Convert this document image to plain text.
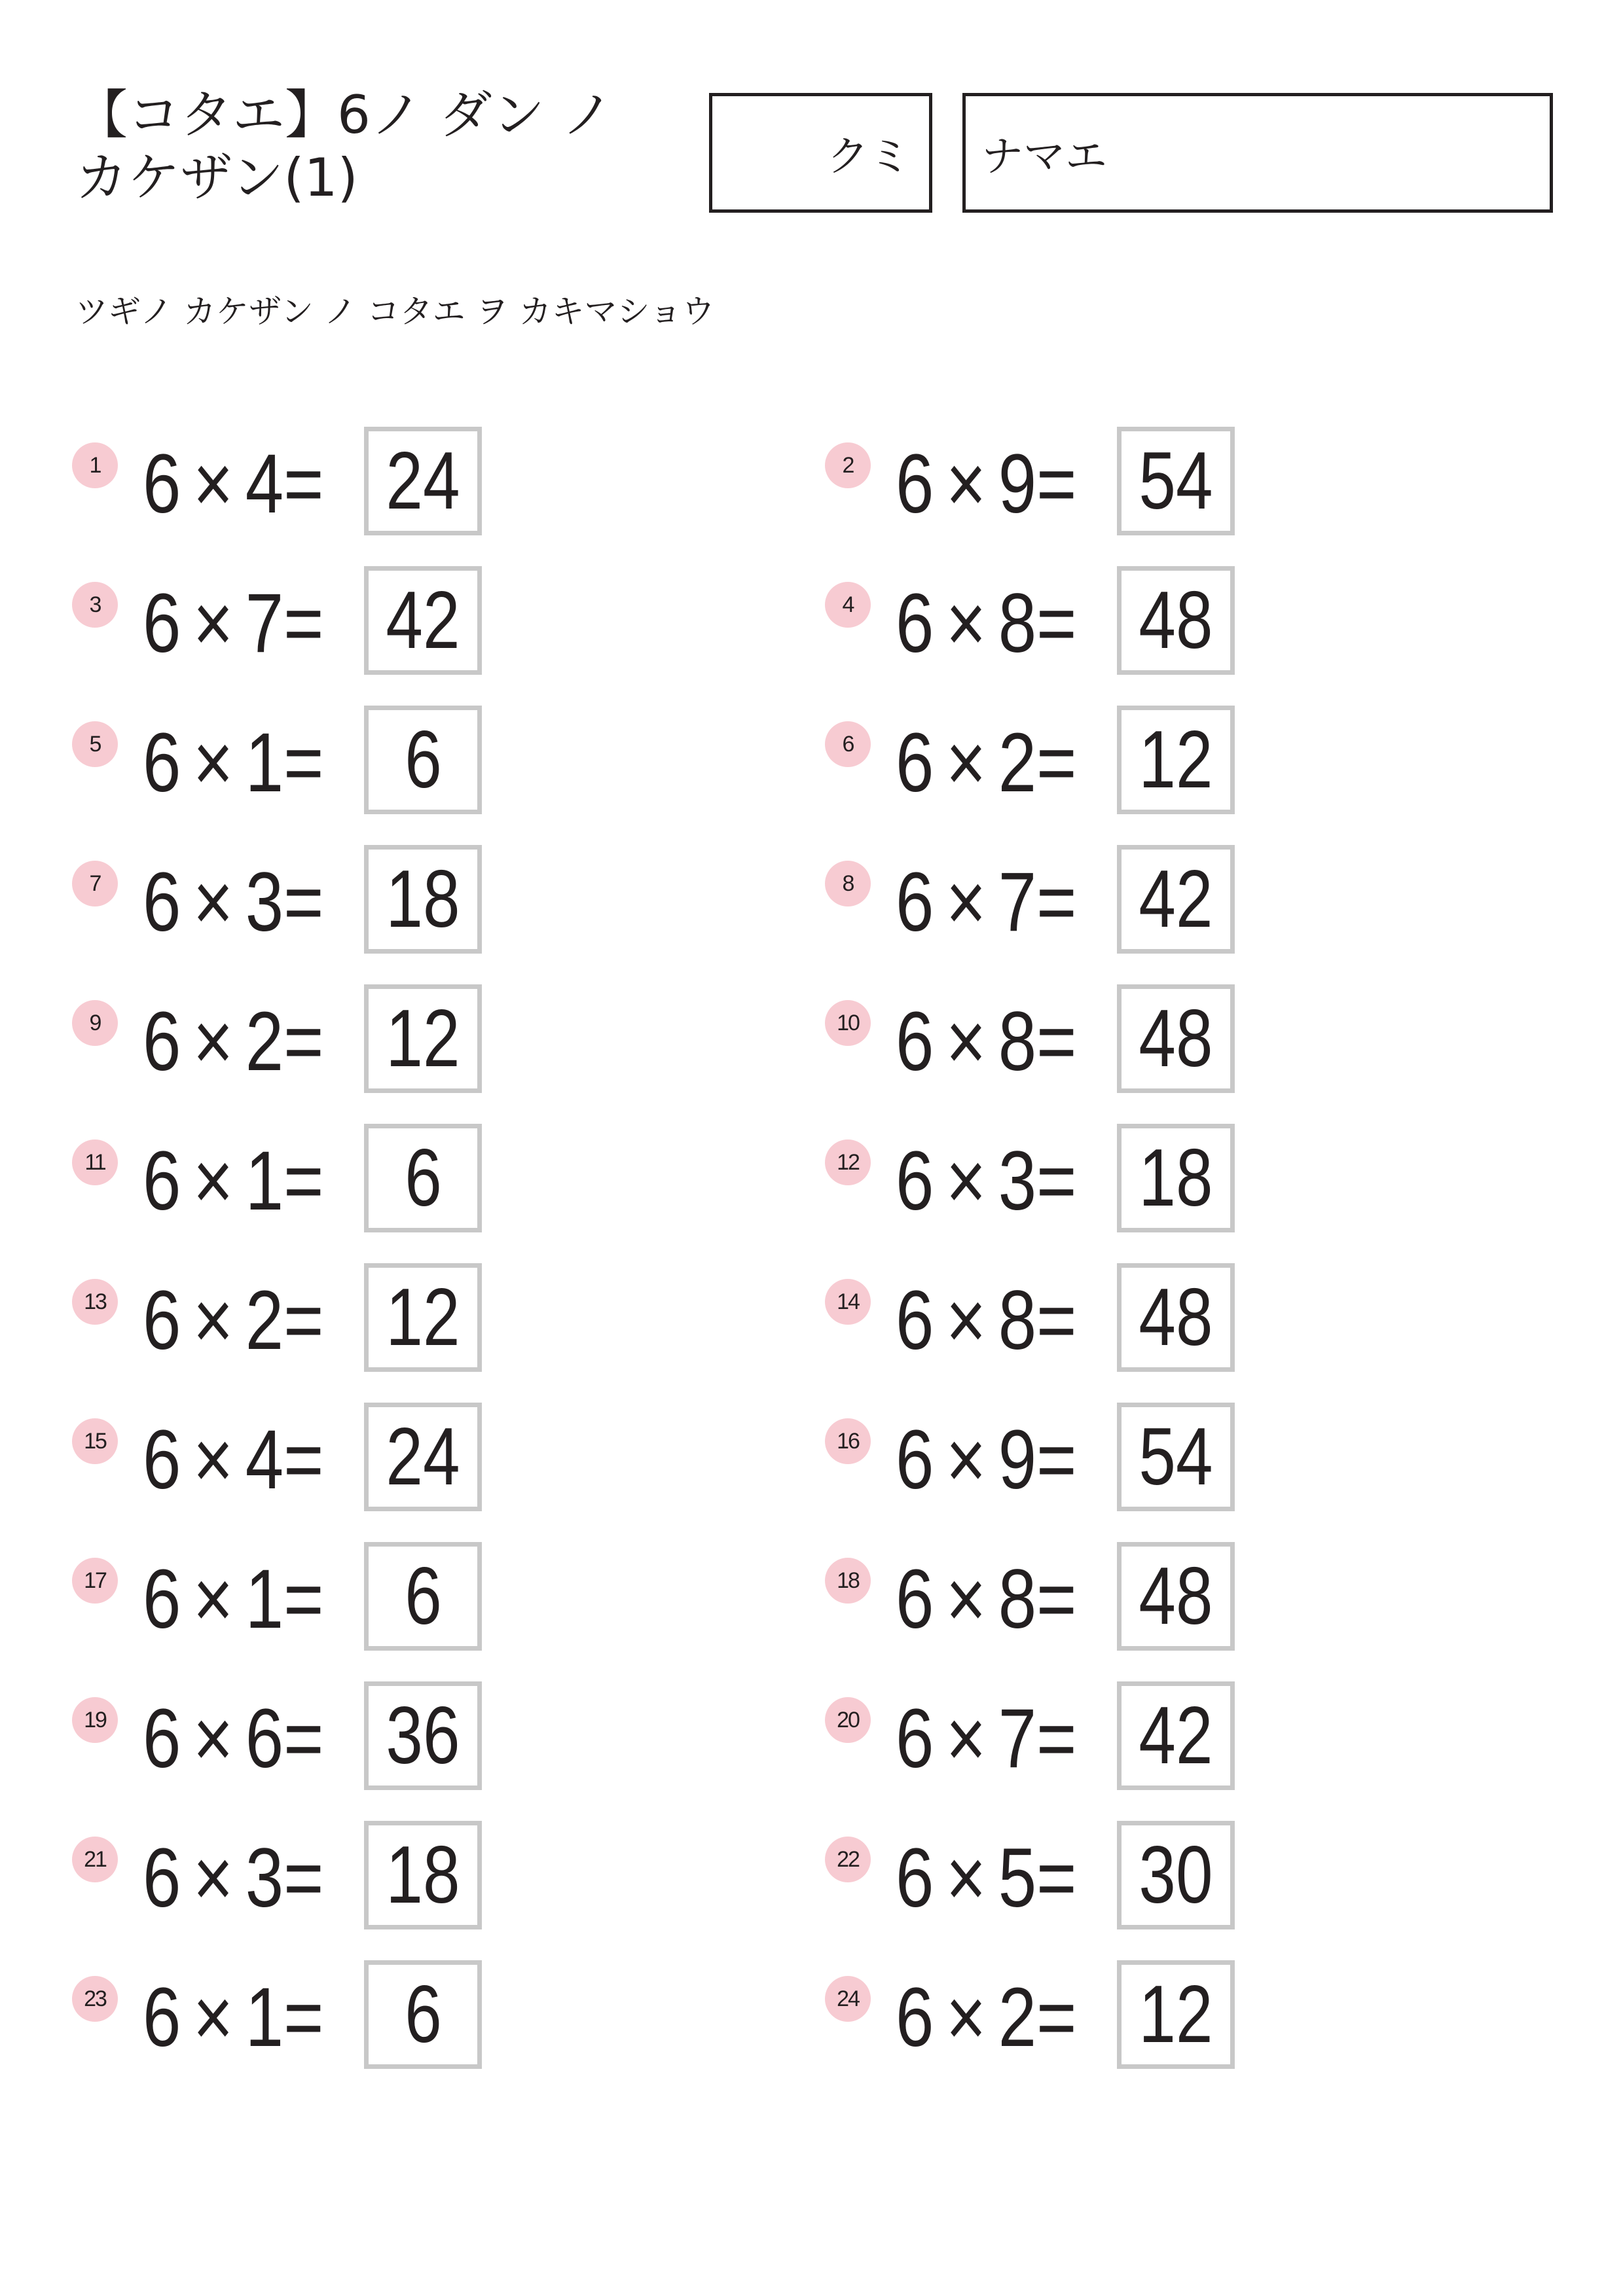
【コタエ】6ノ ダン ノ
カケザン(1)	クミ ナマエ
ツギノ カケザン ノ コタエ ヲ カキマショウ
1 6 × 4= 24	2 6 × 9= 54
3 6 × 7= 42	4 6 × 8= 48
5 6 × 1= 6	6 6 × 2= 12
7 6 × 3= 18	8 6 × 7= 42
9 6 × 2= 12	10 6 × 8= 48
11 6 × 1= 6	12 6 × 3= 18
13 6 × 2= 12	14 6 × 8= 48
15 6 × 4= 24	16 6 × 9= 54
17 6 × 1= 6	18 6 × 8= 48
19 6 × 6= 36	20 6 × 7= 42
21 6 × 3= 18	22 6 × 5= 30
23 6 × 1= 6	24 6 × 2= 12
